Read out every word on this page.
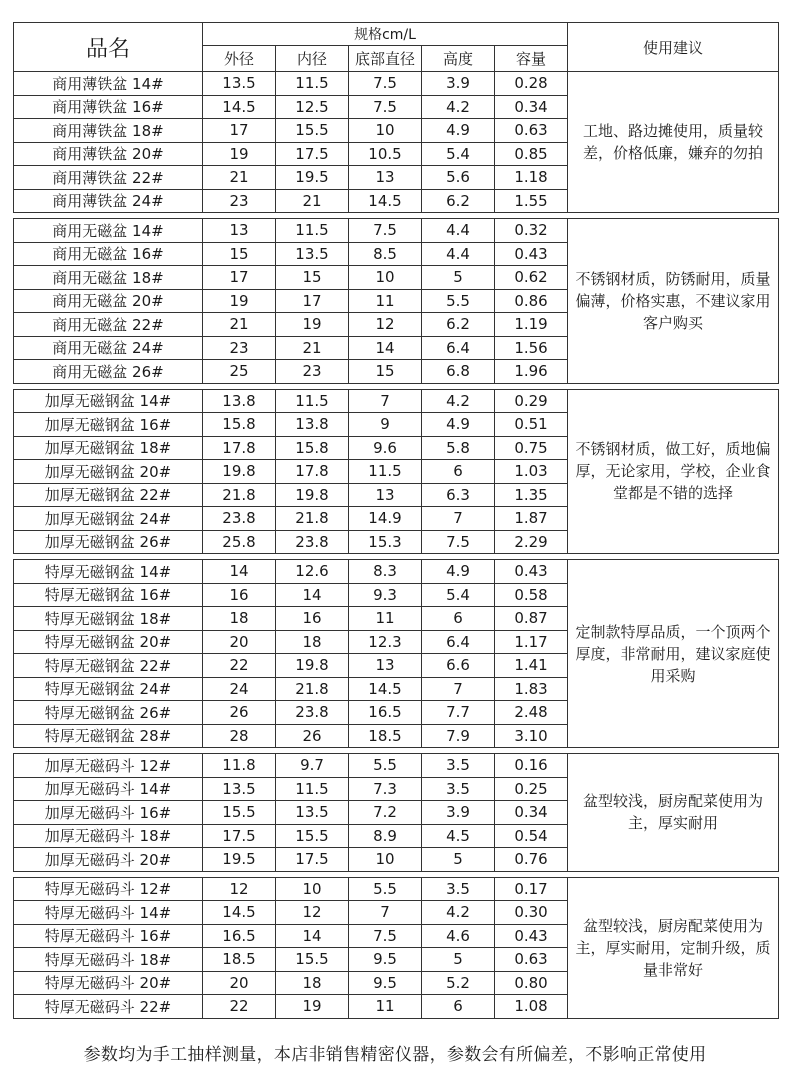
品名	规格cm/L					使用建议
	外径	内径	底部直径	高度	容量	
商用薄铁盆 14#	13.5	11.5	7.5	3.9	0.28	工地、路边摊使用，质量较差，价格低廉，嫌弃的勿拍
商用薄铁盆 16#	14.5	12.5	7.5	4.2	0.34	
商用薄铁盆 18#	17	15.5	10	4.9	0.63	
商用薄铁盆 20#	19	17.5	10.5	5.4	0.85	
商用薄铁盆 22#	21	19.5	13	5.6	1.18	
商用薄铁盆 24#	23	21	14.5	6.2	1.55	

商用无磁盆 14#	13	11.5	7.5	4.4	0.32	不锈钢材质，防锈耐用，质量偏薄，价格实惠，不建议家用客户购买
商用无磁盆 16#	15	13.5	8.5	4.4	0.43	
商用无磁盆 18#	17	15	10	5	0.62	
商用无磁盆 20#	19	17	11	5.5	0.86	
商用无磁盆 22#	21	19	12	6.2	1.19	
商用无磁盆 24#	23	21	14	6.4	1.56	
商用无磁盆 26#	25	23	15	6.8	1.96	

加厚无磁钢盆 14#	13.8	11.5	7	4.2	0.29	不锈钢材质，做工好，质地偏厚，无论家用，学校，企业食堂都是不错的选择
加厚无磁钢盆 16#	15.8	13.8	9	4.9	0.51	
加厚无磁钢盆 18#	17.8	15.8	9.6	5.8	0.75	
加厚无磁钢盆 20#	19.8	17.8	11.5	6	1.03	
加厚无磁钢盆 22#	21.8	19.8	13	6.3	1.35	
加厚无磁钢盆 24#	23.8	21.8	14.9	7	1.87	
加厚无磁钢盆 26#	25.8	23.8	15.3	7.5	2.29	

特厚无磁钢盆 14#	14	12.6	8.3	4.9	0.43	定制款特厚品质，一个顶两个厚度，非常耐用，建议家庭使用采购
特厚无磁钢盆 16#	16	14	9.3	5.4	0.58	
特厚无磁钢盆 18#	18	16	11	6	0.87	
特厚无磁钢盆 20#	20	18	12.3	6.4	1.17	
特厚无磁钢盆 22#	22	19.8	13	6.6	1.41	
特厚无磁钢盆 24#	24	21.8	14.5	7	1.83	
特厚无磁钢盆 26#	26	23.8	16.5	7.7	2.48	
特厚无磁钢盆 28#	28	26	18.5	7.9	3.10	

加厚无磁码斗 12#	11.8	9.7	5.5	3.5	0.16	盆型较浅，厨房配菜使用为主，厚实耐用
加厚无磁码斗 14#	13.5	11.5	7.3	3.5	0.25	
加厚无磁码斗 16#	15.5	13.5	7.2	3.9	0.34	
加厚无磁码斗 18#	17.5	15.5	8.9	4.5	0.54	
加厚无磁码斗 20#	19.5	17.5	10	5	0.76	

特厚无磁码斗 12#	12	10	5.5	3.5	0.17	盆型较浅，厨房配菜使用为主，厚实耐用，定制升级，质量非常好
特厚无磁码斗 14#	14.5	12	7	4.2	0.30	
特厚无磁码斗 16#	16.5	14	7.5	4.6	0.43	
特厚无磁码斗 18#	18.5	15.5	9.5	5	0.63	
特厚无磁码斗 20#	20	18	9.5	5.2	0.80	
特厚无磁码斗 22#	22	19	11	6	1.08	
参数均为手工抽样测量，本店非销售精密仪器，参数会有所偏差，不影响正常使用
